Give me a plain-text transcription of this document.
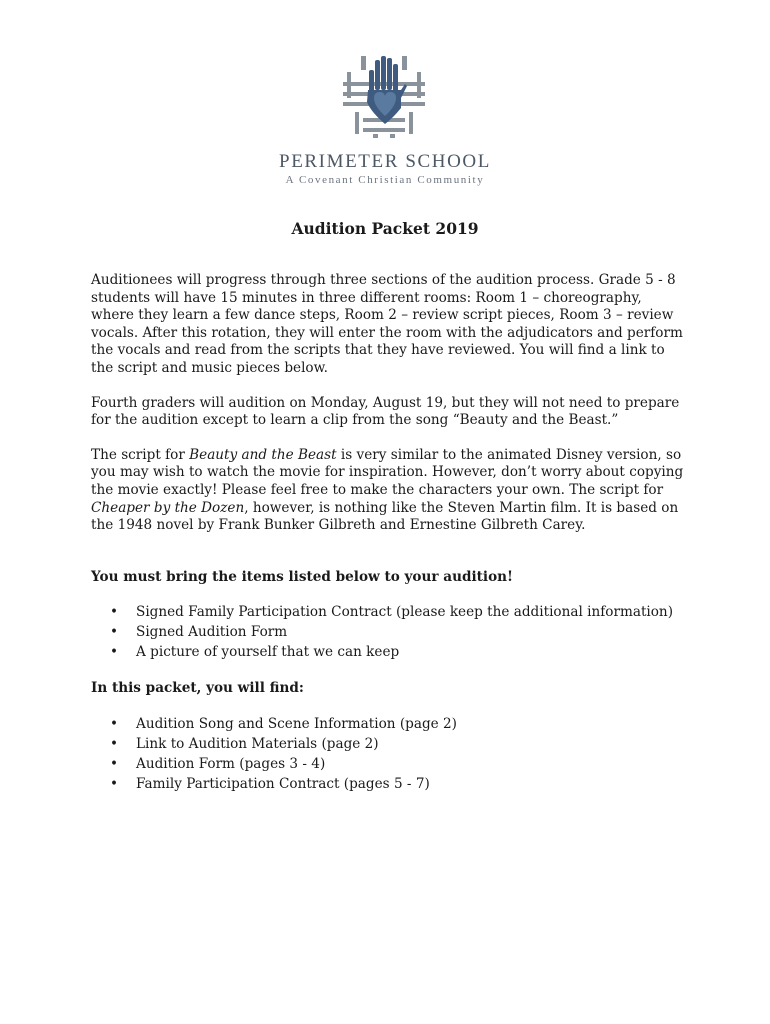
PERIMETER SCHOOL
A Covenant Christian Community
Audition Packet 2019

Auditionees will progress through three sections of the audition process. Grade 5 - 8 students will have 15 minutes in three different rooms: Room 1 – choreography, where they learn a few dance steps, Room 2 – review script pieces, Room 3 – review vocals. After this rotation, they will enter the room with the adjudicators and perform the vocals and read from the scripts that they have reviewed. You will find a link to the script and music pieces below.

Fourth graders will audition on Monday, August 19, but they will not need to prepare for the audition except to learn a clip from the song “Beauty and the Beast.”

The script for Beauty and the Beast is very similar to the animated Disney version, so you may wish to watch the movie for inspiration. However, don’t worry about copying the movie exactly! Please feel free to make the characters your own. The script for Cheaper by the Dozen, however, is nothing like the Steven Martin film. It is based on the 1948 novel by Frank Bunker Gilbreth and Ernestine Gilbreth Carey.

You must bring the items listed below to your audition!
• Signed Family Participation Contract (please keep the additional information)
• Signed Audition Form
• A picture of yourself that we can keep
In this packet, you will find:
• Audition Song and Scene Information (page 2)
• Link to Audition Materials (page 2)
• Audition Form (pages 3 - 4)
• Family Participation Contract (pages 5 - 7)
